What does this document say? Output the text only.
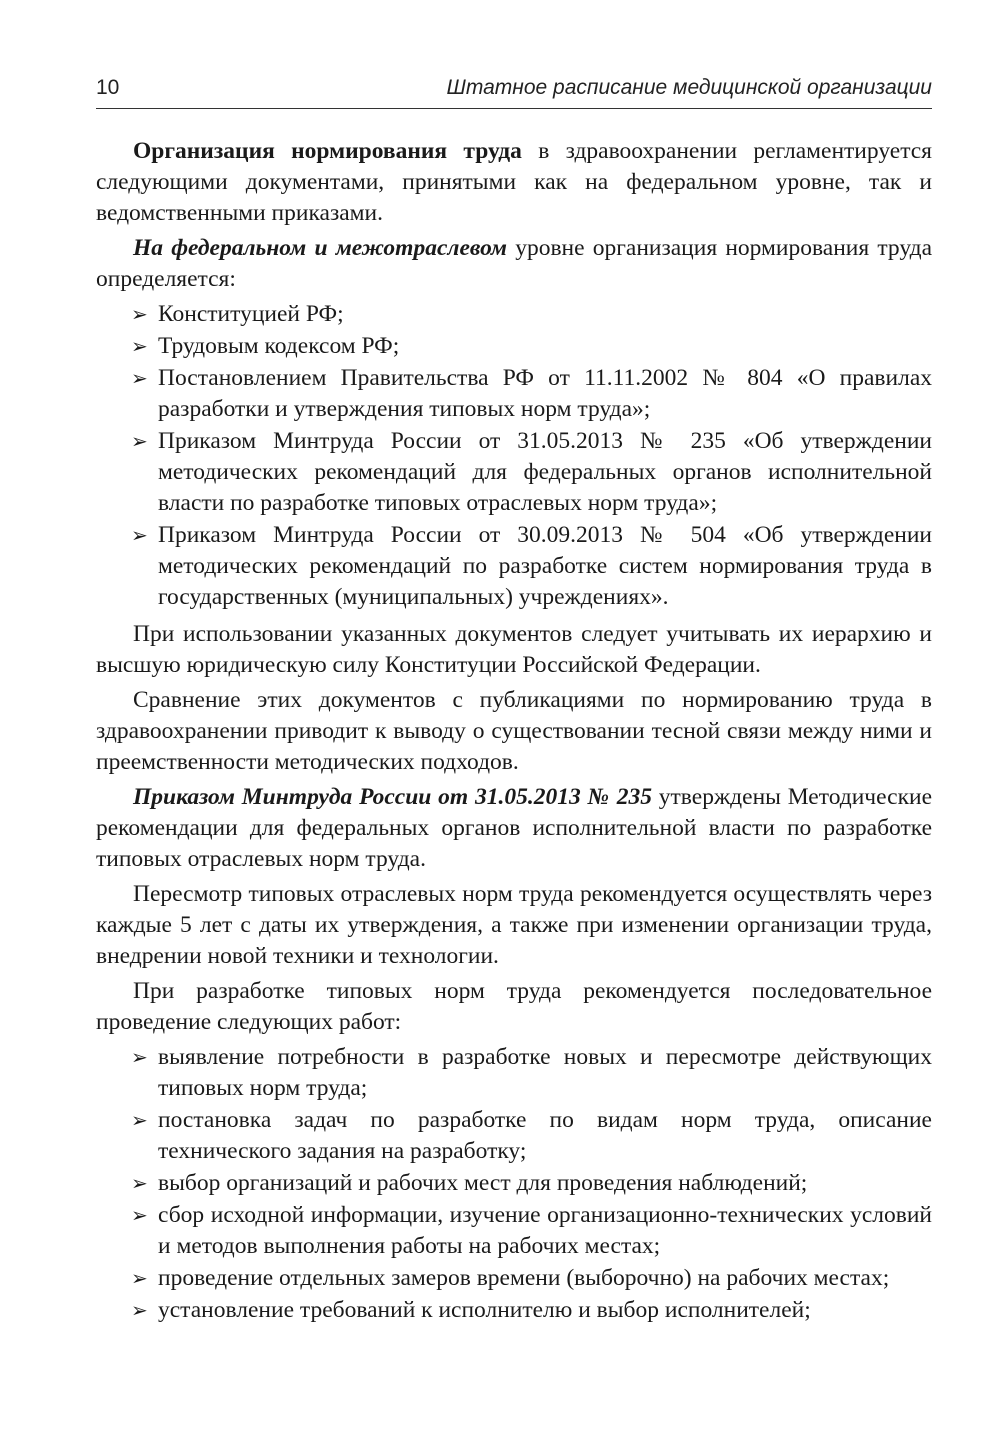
10	Штатное расписание медицинской организации

Организация нормирования труда в здравоохранении регламентируется следующими документами, принятыми как на федеральном уровне, так и ведомственными приказами.

На федеральном и межотраслевом уровне организация нормирования труда определяется:

➢ Конституцией РФ;
➢ Трудовым кодексом РФ;
➢ Постановлением Правительства РФ от 11.11.2002 № 804 «О правилах разработки и утверждения типовых норм труда»;
➢ Приказом Минтруда России от 31.05.2013 № 235 «Об утверждении методических рекомендаций для федеральных органов исполнительной власти по разработке типовых отраслевых норм труда»;
➢ Приказом Минтруда России от 30.09.2013 № 504 «Об утверждении методических рекомендаций по разработке систем нормирования труда в государственных (муниципальных) учреждениях».

При использовании указанных документов следует учитывать их иерархию и высшую юридическую силу Конституции Российской Федерации.

Сравнение этих документов с публикациями по нормированию труда в здравоохранении приводит к выводу о существовании тесной связи между ними и преемственности методических подходов.

Приказом Минтруда России от 31.05.2013 № 235 утверждены Методические рекомендации для федеральных органов исполнительной власти по разработке типовых отраслевых норм труда.

Пересмотр типовых отраслевых норм труда рекомендуется осуществлять через каждые 5 лет с даты их утверждения, а также при изменении организации труда, внедрении новой техники и технологии.

При разработке типовых норм труда рекомендуется последовательное проведение следующих работ:

➢ выявление потребности в разработке новых и пересмотре действующих типовых норм труда;
➢ постановка задач по разработке по видам норм труда, описание технического задания на разработку;
➢ выбор организаций и рабочих мест для проведения наблюдений;
➢ сбор исходной информации, изучение организационно-технических условий и методов выполнения работы на рабочих местах;
➢ проведение отдельных замеров времени (выборочно) на рабочих местах;
➢ установление требований к исполнителю и выбор исполнителей;
